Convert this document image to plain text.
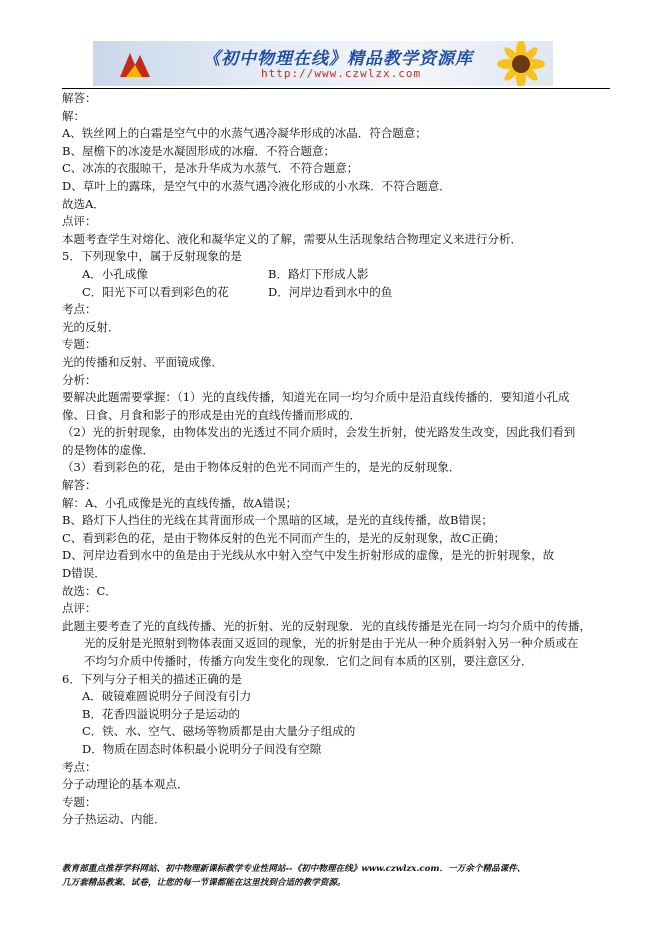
《初中物理在线》精品教学资源库
http://www.czwlzx.com
解答：
解：
A、铁丝网上的白霜是空气中的水蒸气遇冷凝华形成的冰晶．符合题意；
B、屋檐下的冰凌是水凝固形成的冰瘤．不符合题意；
C、冰冻的衣服晾干，是冰升华成为水蒸气．不符合题意；
D、草叶上的露珠，是空气中的水蒸气遇冷液化形成的小水珠．不符合题意．
故选A．
点评：
本题考查学生对熔化、液化和凝华定义的了解，需要从生活现象结合物理定义来进行分析．
5．下列现象中，属于反射现象的是
A．小孔成像	B．路灯下形成人影
C．阳光下可以看到彩色的花	D．河岸边看到水中的鱼
考点：
光的反射．
专题：
光的传播和反射、平面镜成像．
分析：
要解决此题需要掌握：（1）光的直线传播，知道光在同一均匀介质中是沿直线传播的．要知道小孔成
像、日食、月食和影子的形成是由光的直线传播而形成的．
（2）光的折射现象，由物体发出的光透过不同介质时，会发生折射，使光路发生改变，因此我们看到
的是物体的虚像．
（3）看到彩色的花，是由于物体反射的色光不同而产生的，是光的反射现象．
解答：
解：A、小孔成像是光的直线传播，故A错误；
B、路灯下人挡住的光线在其背面形成一个黑暗的区域，是光的直线传播，故B错误；
C、看到彩色的花，是由于物体反射的色光不同而产生的，是光的反射现象，故C正确；
D、河岸边看到水中的鱼是由于光线从水中射入空气中发生折射形成的虚像，是光的折射现象，故
D错误．
故选：C．
点评：
此题主要考查了光的直线传播、光的折射、光的反射现象．光的直线传播是光在同一均匀介质中的传播，
光的反射是光照射到物体表面又返回的现象，光的折射是由于光从一种介质斜射入另一种介质或在
不均匀介质中传播时，传播方向发生变化的现象．它们之间有本质的区别，要注意区分．
6．下列与分子相关的描述正确的是
A．破镜难圆说明分子间没有引力
B．花香四溢说明分子是运动的
C．铁、水、空气、磁场等物质都是由大量分子组成的
D．物质在固态时体积最小说明分子间没有空隙
考点：
分子动理论的基本观点．
专题：
分子热运动、内能．
教育部重点推荐学科网站、初中物理新课标教学专业性网站--《初中物理在线》www.czwlzx.com．一万余个精品课件、
几万套精品教案、试卷，让您的每一节课都能在这里找到合适的教学资源。
